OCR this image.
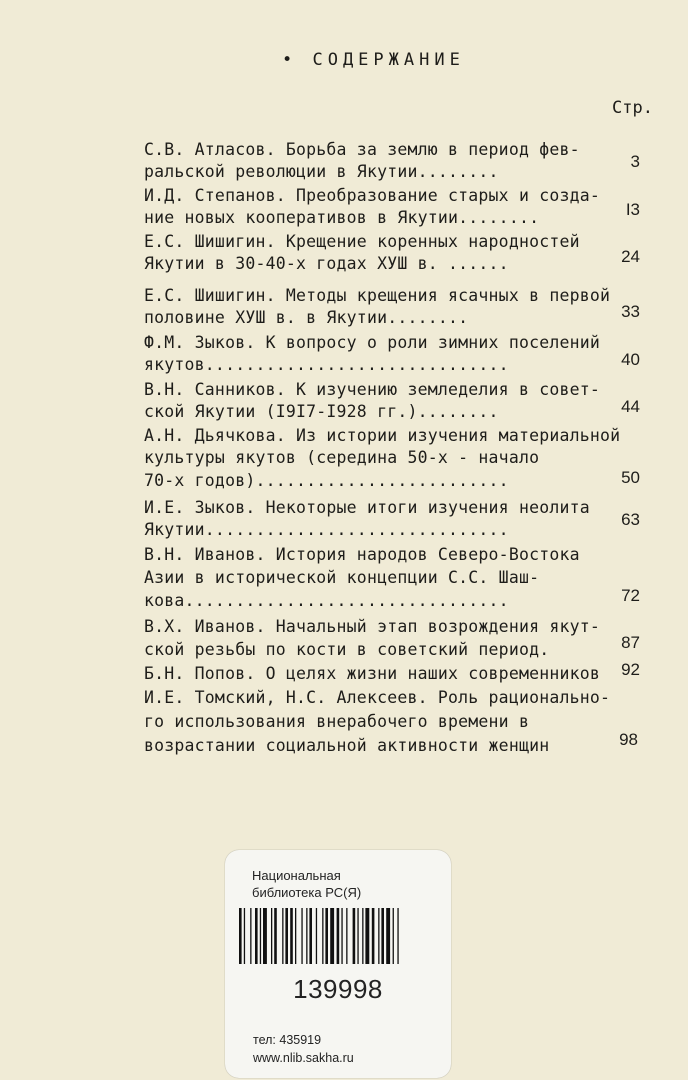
• СОДЕРЖАНИЕ
Стр.
С.В. Атласов. Борьба за землю в период фев-
ральской революции в Якутии........
3
И.Д. Степанов. Преобразование старых и созда-
ние новых кооперативов в Якутии........	I3
Е.С. Шишигин. Крещение коренных народностей
Якутии в 30-40-х годах ХУШ в. ......	24
Е.С. Шишигин. Методы крещения ясачных в первой
половине ХУШ в. в Якутии........	33
Ф.М. Зыков. К вопросу о роли зимних поселений
якутов..............................	40
В.Н. Санников. К изучению земледелия в совет-
ской Якутии (I9I7-I928 гг.)........	44
А.Н. Дьячкова. Из истории изучения материальной
культуры якутов (середина 50-х - начало
70-х годов).........................	50
И.Е. Зыков. Некоторые итоги изучения неолита
Якутии..............................
63
В.Н. Иванов. История народов Северо-Востока
Азии в исторической концепции С.С. Шаш-
кова................................	72
В.Х. Иванов. Начальный этап возрождения якут-
ской резьбы по кости в советский период.	87
Б.Н. Попов. О целях жизни наших современников 92
И.Е. Томский, Н.С. Алексеев. Роль рационально-
го использования внерабочего времени в
возрастании социальной активности женщин	98
Национальная
библиотека РС(Я)
139998
тел: 435919
www.nlib.sakha.ru
